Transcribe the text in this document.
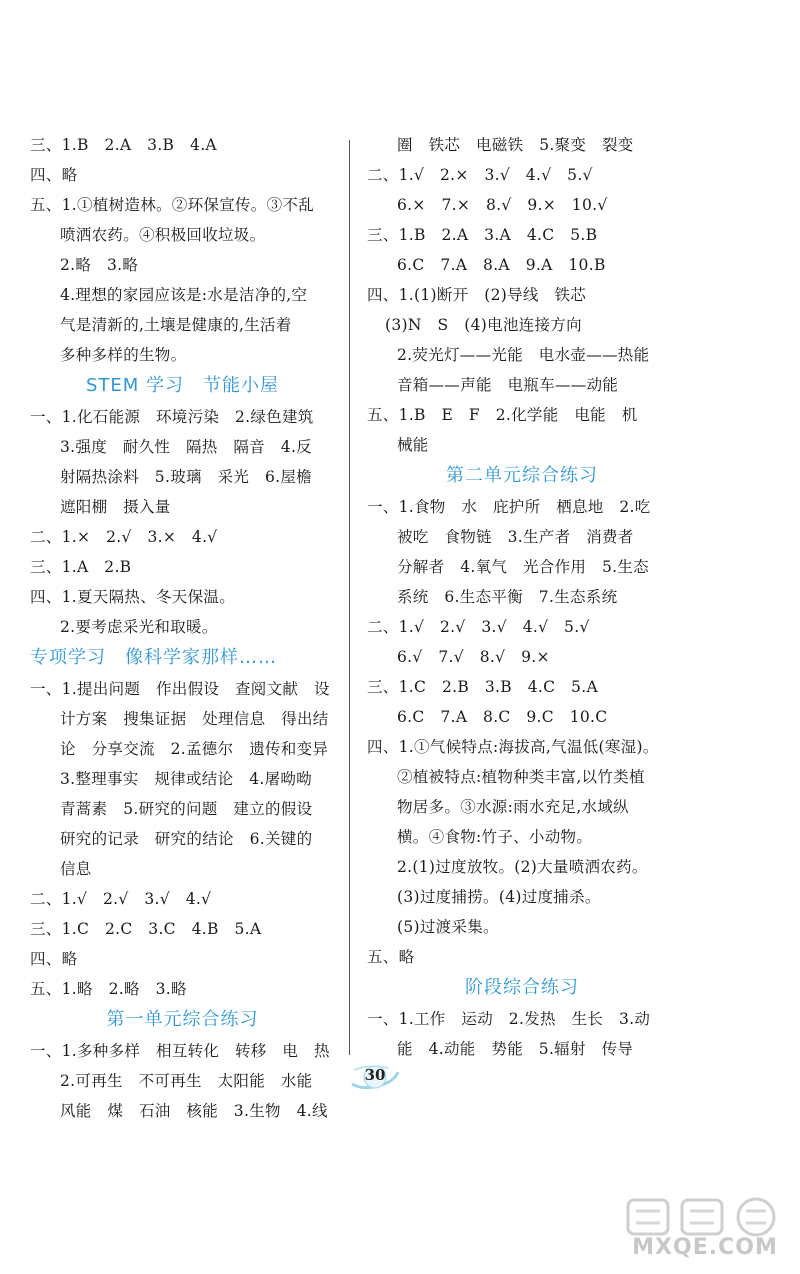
三、1.B　2.A　3.B　4.A
四、略
五、1.①植树造林。②环保宣传。③不乱
喷洒农药。④积极回收垃圾。
2.略　3.略
4.理想的家园应该是:水是洁净的,空
气是清新的,土壤是健康的,生活着
多种多样的生物。
STEM 学习　节能小屋
一、1.化石能源　环境污染　2.绿色建筑
3.强度　耐久性　隔热　隔音　4.反
射隔热涂料　5.玻璃　采光　6.屋檐
遮阳棚　摄入量
二、1.×　2.√　3.×　4.√
三、1.A　2.B
四、1.夏天隔热、冬天保温。
2.要考虑采光和取暖。
专项学习　像科学家那样……
一、1.提出问题　作出假设　查阅文献　设
计方案　搜集证据　处理信息　得出结
论　分享交流　2.孟德尔　遗传和变异
3.整理事实　规律或结论　4.屠呦呦
青蒿素　5.研究的问题　建立的假设
研究的记录　研究的结论　6.关键的
信息
二、1.√　2.√　3.√　4.√
三、1.C　2.C　3.C　4.B　5.A
四、略
五、1.略　2.略　3.略
第一单元综合练习
一、1.多种多样　相互转化　转移　电　热
2.可再生　不可再生　太阳能　水能
风能　煤　石油　核能　3.生物　4.线
圈　铁芯　电磁铁　5.聚变　裂变
二、1.√　2.×　3.√　4.√　5.√
6.×　7.×　8.√　9.×　10.√
三、1.B　2.A　3.A　4.C　5.B
6.C　7.A　8.A　9.A　10.B
四、1.(1)断开　(2)导线　铁芯
(3)N　S　(4)电池连接方向
2.荧光灯——光能　电水壶——热能
音箱——声能　电瓶车——动能
五、1.B　E　F　2.化学能　电能　机
械能
第二单元综合练习
一、1.食物　水　庇护所　栖息地　2.吃
被吃　食物链　3.生产者　消费者
分解者　4.氧气　光合作用　5.生态
系统　6.生态平衡　7.生态系统
二、1.√　2.√　3.√　4.√　5.√
6.√　7.√　8.√　9.×
三、1.C　2.B　3.B　4.C　5.A
6.C　7.A　8.C　9.C　10.C
四、1.①气候特点:海拔高,气温低(寒湿)。
②植被特点:植物种类丰富,以竹类植
物居多。③水源:雨水充足,水域纵
横。④食物:竹子、小动物。
2.(1)过度放牧。(2)大量喷洒农药。
(3)过度捕捞。(4)过度捕杀。
(5)过渡采集。
五、略
阶段综合练习
一、1.工作　运动　2.发热　生长　3.动
能　4.动能　势能　5.辐射　传导
30
MXQE.COM
